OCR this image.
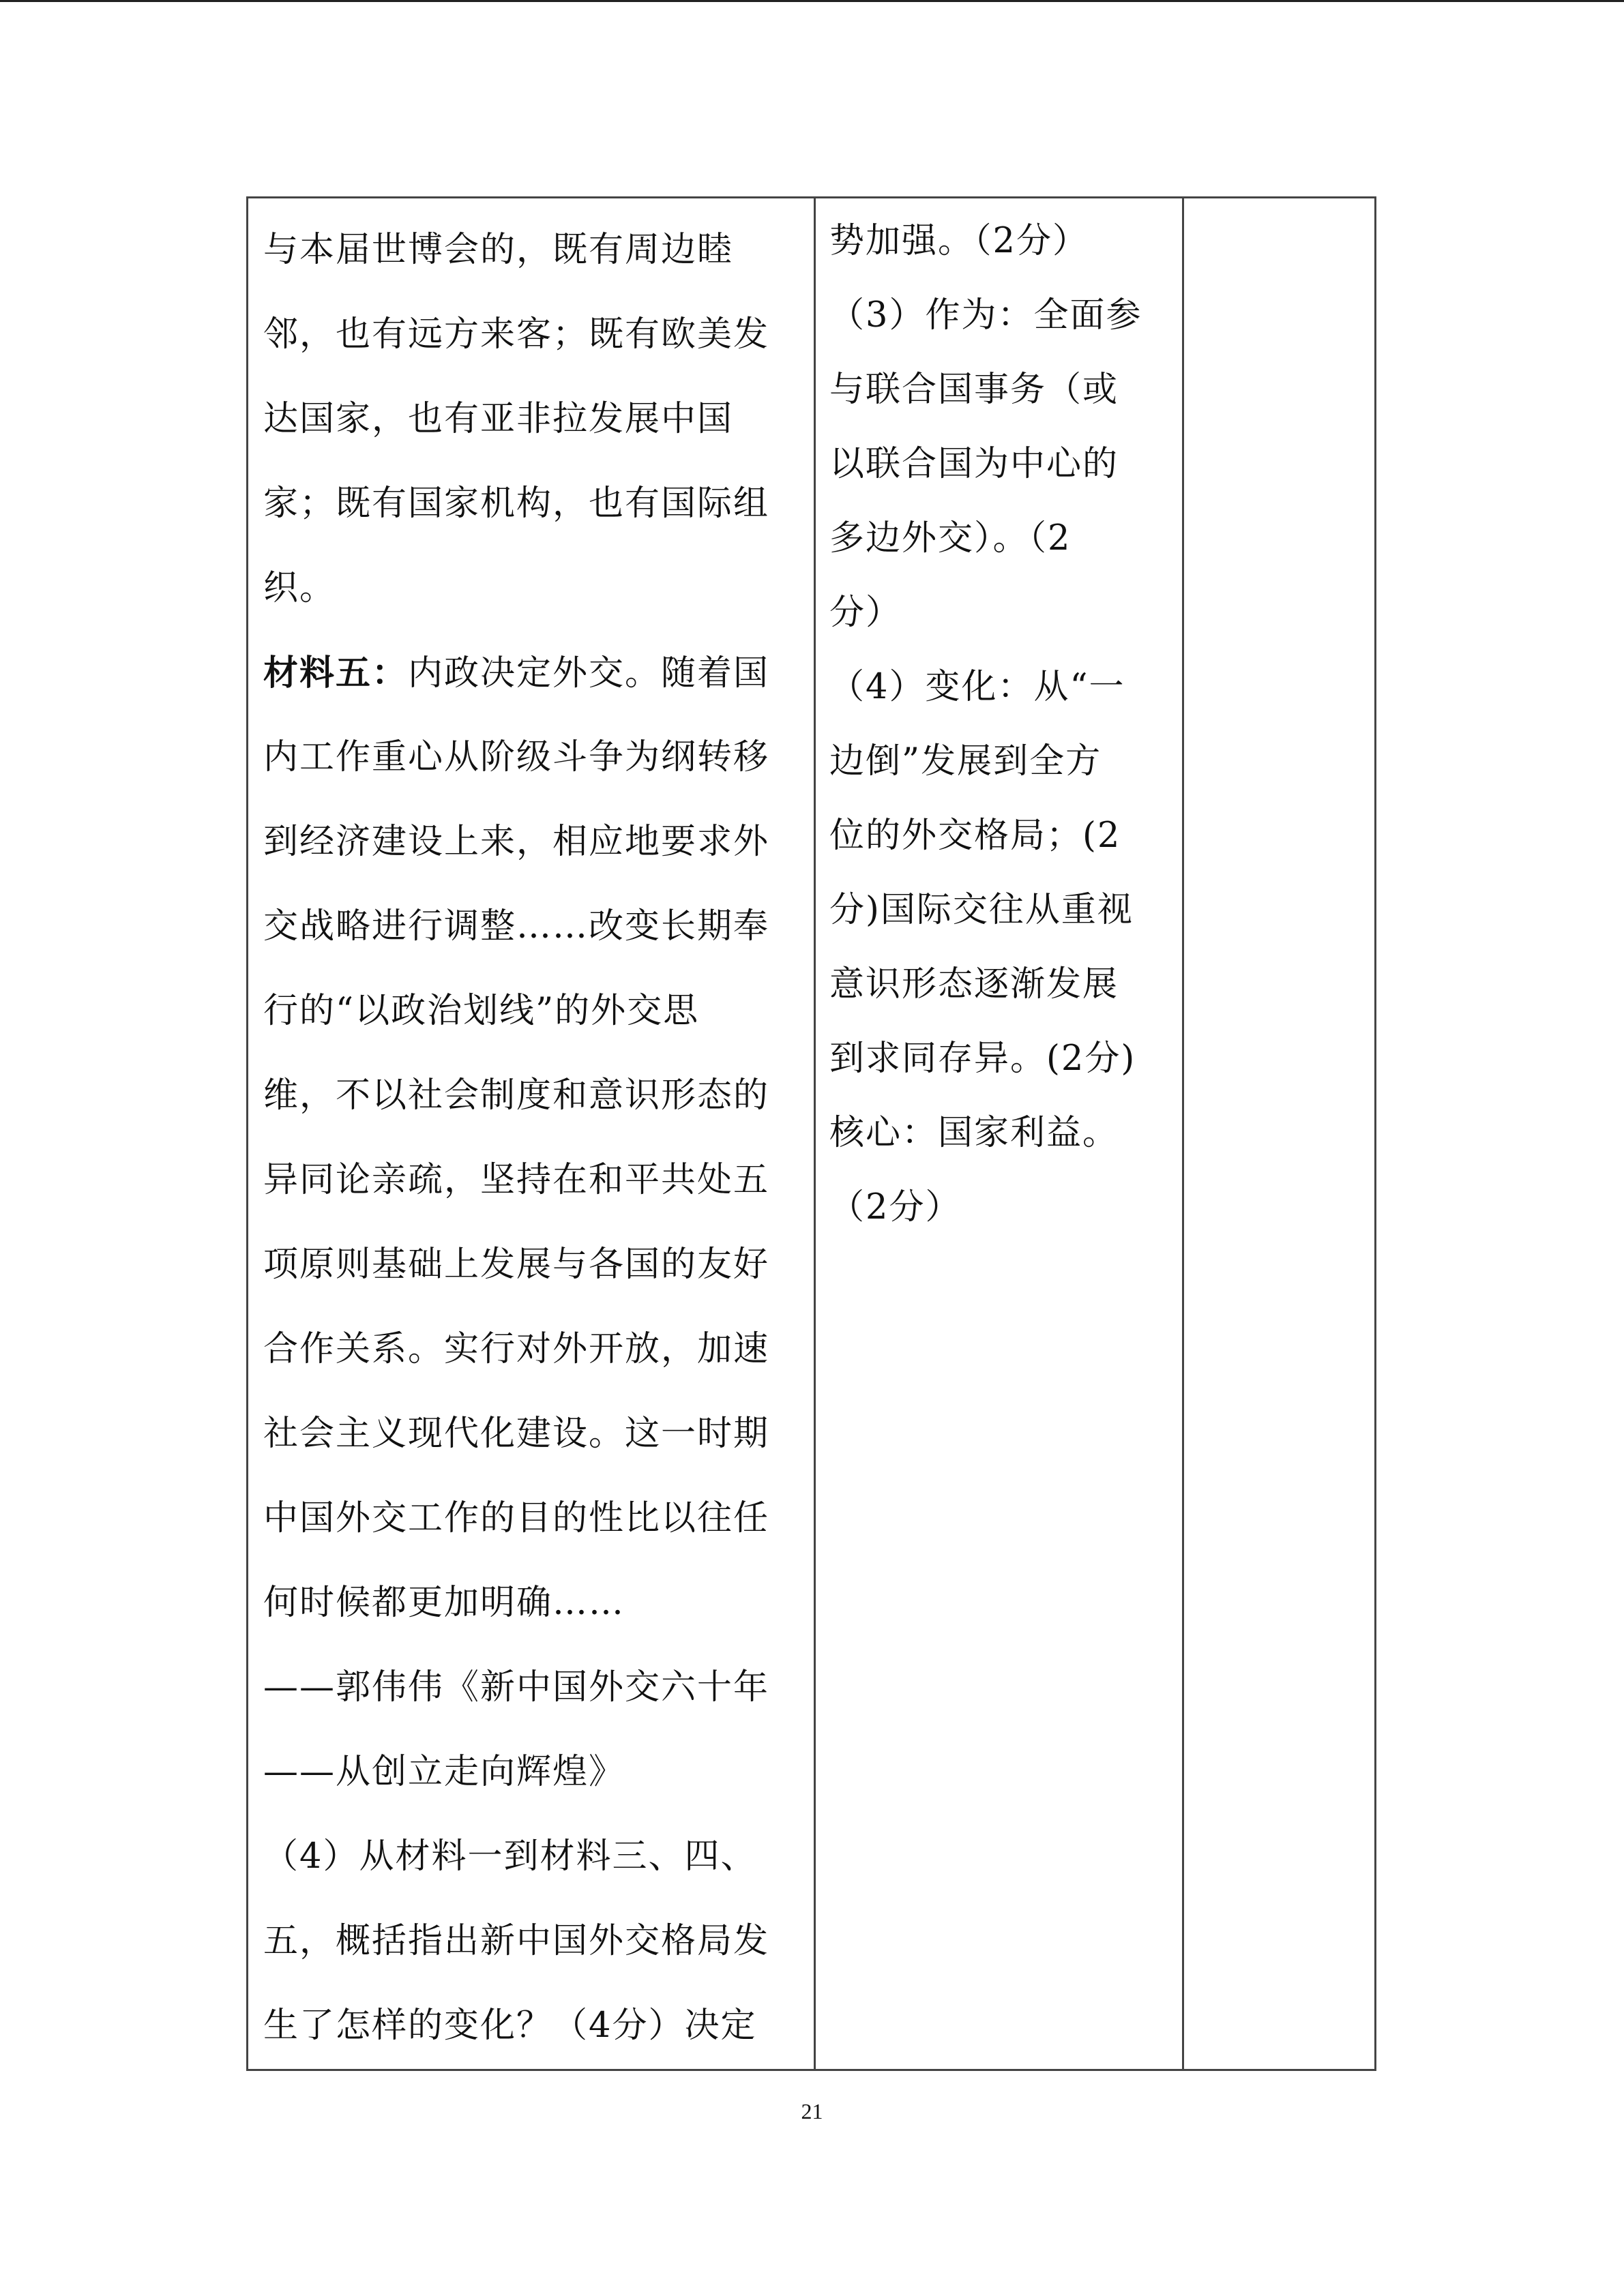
与本届世博会的，既有周边睦
邻，也有远方来客；既有欧美发
达国家，也有亚非拉发展中国
家；既有国家机构，也有国际组
织。
材料五：内政决定外交。随着国
内工作重心从阶级斗争为纲转移
到经济建设上来，相应地要求外
交战略进行调整……改变长期奉
行的“以政治划线”的外交思
维，不以社会制度和意识形态的
异同论亲疏，坚持在和平共处五
项原则基础上发展与各国的友好
合作关系。实行对外开放，加速
社会主义现代化建设。这一时期
中国外交工作的目的性比以往任
何时候都更加明确……
——郭伟伟《新中国外交六十年
——从创立走向辉煌》
（4）从材料一到材料三、四、
五，概括指出新中国外交格局发
生了怎样的变化？（4分）决定
势加强。（2分）
（3）作为：全面参
与联合国事务（或
以联合国为中心的
多边外交）。（2
分）
（4）变化：从“一
边倒”发展到全方
位的外交格局；(2
分)国际交往从重视
意识形态逐渐发展
到求同存异。(2分)
核心：国家利益。
（2分）
21
